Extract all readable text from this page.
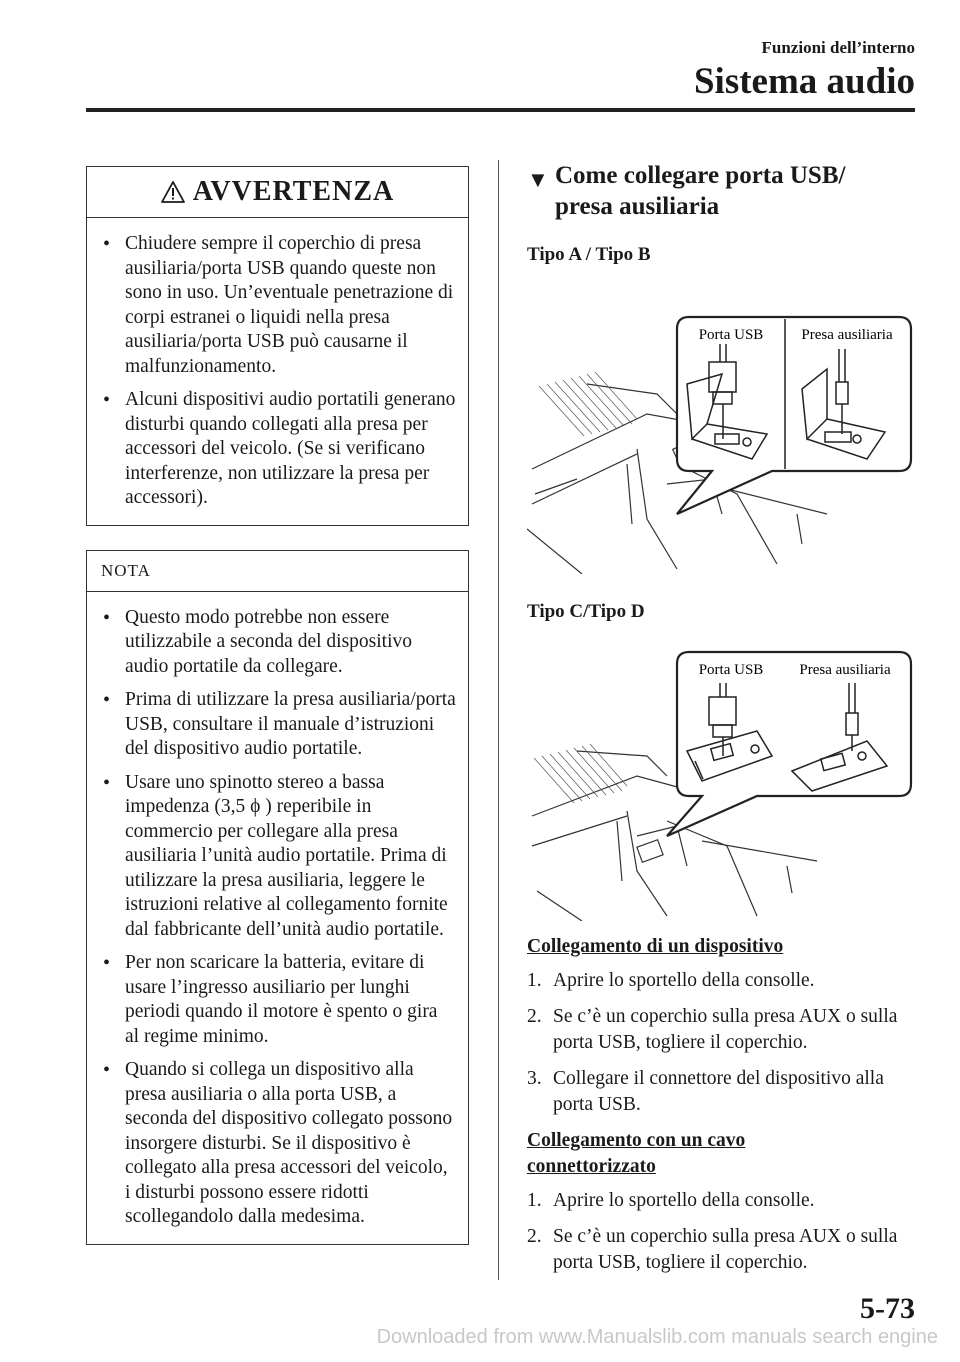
Funzioni dell’interno
Sistema audio
AVVERTENZA
• Chiudere sempre il coperchio di presa ausiliaria/porta USB quando queste non sono in uso. Un’eventuale penetrazione di corpi estranei o liquidi nella presa ausiliaria/porta USB può causarne il malfunzionamento.
• Alcuni dispositivi audio portatili generano disturbi quando collegati alla presa per accessori del veicolo. (Se si verificano interferenze, non utilizzare la presa per accessori).
NOTA
• Questo modo potrebbe non essere utilizzabile a seconda del dispositivo audio portatile da collegare.
• Prima di utilizzare la presa ausiliaria/porta USB, consultare il manuale d’istruzioni del dispositivo audio portatile.
• Usare uno spinotto stereo a bassa impedenza (3,5 ϕ ) reperibile in commercio per collegare alla presa ausiliaria l’unità audio portatile. Prima di utilizzare la presa ausiliaria, leggere le istruzioni relative al collegamento fornite dal fabbricante dell’unità audio portatile.
• Per non scaricare la batteria, evitare di usare l’ingresso ausiliario per lunghi periodi quando il motore è spento o gira al regime minimo.
• Quando si collega un dispositivo alla presa ausiliaria o alla porta USB, a seconda del dispositivo collegato possono insorgere disturbi. Se il dispositivo è collegato alla presa accessori del veicolo, i disturbi possono essere ridotti scollegandolo dalla medesima.
▼ Come collegare porta USB/
presa ausiliaria
Tipo A / Tipo B
Porta USB	Presa ausiliaria
Tipo C/Tipo D
Porta USB Presa ausiliaria
Collegamento di un dispositivo
1. Aprire lo sportello della consolle.
2. Se c’è un coperchio sulla presa AUX o sulla porta USB, togliere il coperchio.
3. Collegare il connettore del dispositivo alla porta USB.
Collegamento con un cavo
connettorizzato
1. Aprire lo sportello della consolle.
2. Se c’è un coperchio sulla presa AUX o sulla porta USB, togliere il coperchio.
5-73
Downloaded from www.Manualslib.com manuals search engine
